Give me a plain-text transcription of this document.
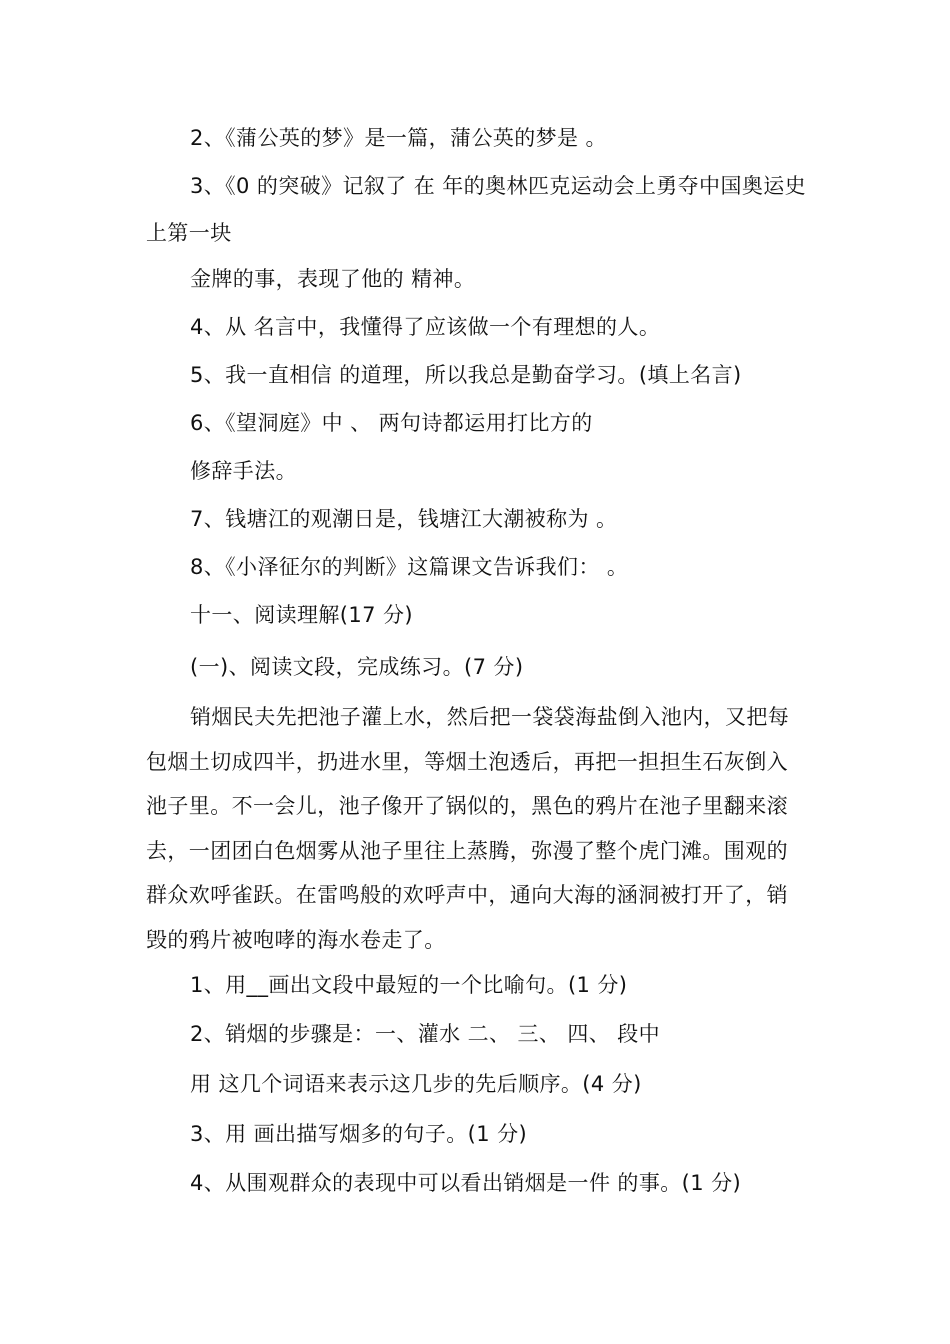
2、《蒲公英的梦》是一篇，蒲公英的梦是 。
3、《0 的突破》记叙了 在 年的奥林匹克运动会上勇夺中国奥运史
上第一块
金牌的事，表现了他的 精神。
4、从 名言中，我懂得了应该做一个有理想的人。
5、我一直相信 的道理，所以我总是勤奋学习。(填上名言)
6、《望洞庭》中 、 两句诗都运用打比方的
修辞手法。
7、钱塘江的观潮日是，钱塘江大潮被称为 。
8、《小泽征尔的判断》这篇课文告诉我们： 。
十一、阅读理解(17 分)
(一)、阅读文段，完成练习。(7 分)
销烟民夫先把池子灌上水，然后把一袋袋海盐倒入池内，又把每
包烟土切成四半，扔进水里，等烟土泡透后，再把一担担生石灰倒入
池子里。不一会儿，池子像开了锅似的，黑色的鸦片在池子里翻来滚
去，一团团白色烟雾从池子里往上蒸腾，弥漫了整个虎门滩。围观的
群众欢呼雀跃。在雷鸣般的欢呼声中，通向大海的涵洞被打开了，销
毁的鸦片被咆哮的海水卷走了。
1、用__画出文段中最短的一个比喻句。(1 分)
2、销烟的步骤是：一、灌水 二、 三、 四、 段中
用 这几个词语来表示这几步的先后顺序。(4 分)
3、用 画出描写烟多的句子。(1 分)
4、从围观群众的表现中可以看出销烟是一件 的事。(1 分)
